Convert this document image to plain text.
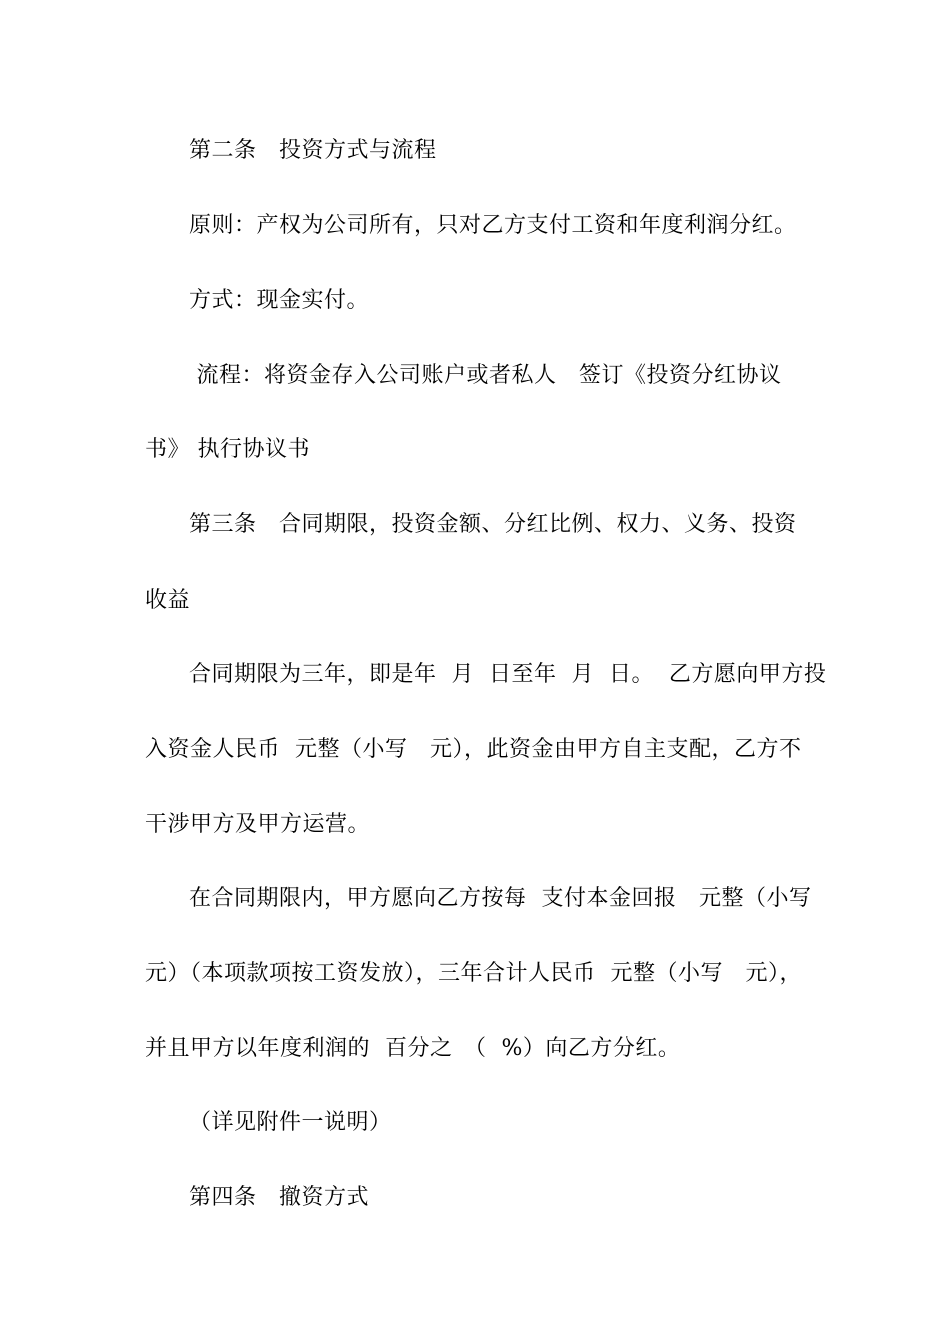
第二条　投资方式与流程
原则：产权为公司所有，只对乙方支付工资和年度利润分红。
方式：现金实付。
流程：将资金存入公司账户或者私人　签订《投资分红协议
书》 执行协议书
第三条　合同期限，投资金额、分红比例、权力、义务、投资
收益
合同期限为三年，即是年  月  日至年  月  日。  乙方愿向甲方投
入资金人民币  元整（小写　元），此资金由甲方自主支配，乙方不
干涉甲方及甲方运营。
在合同期限内，甲方愿向乙方按每  支付本金回报　元整（小写
元）（本项款项按工资发放），三年合计人民币  元整（小写　元），
并且甲方以年度利润的  百分之　（  %）向乙方分红。
（详见附件一说明）
第四条　撤资方式
